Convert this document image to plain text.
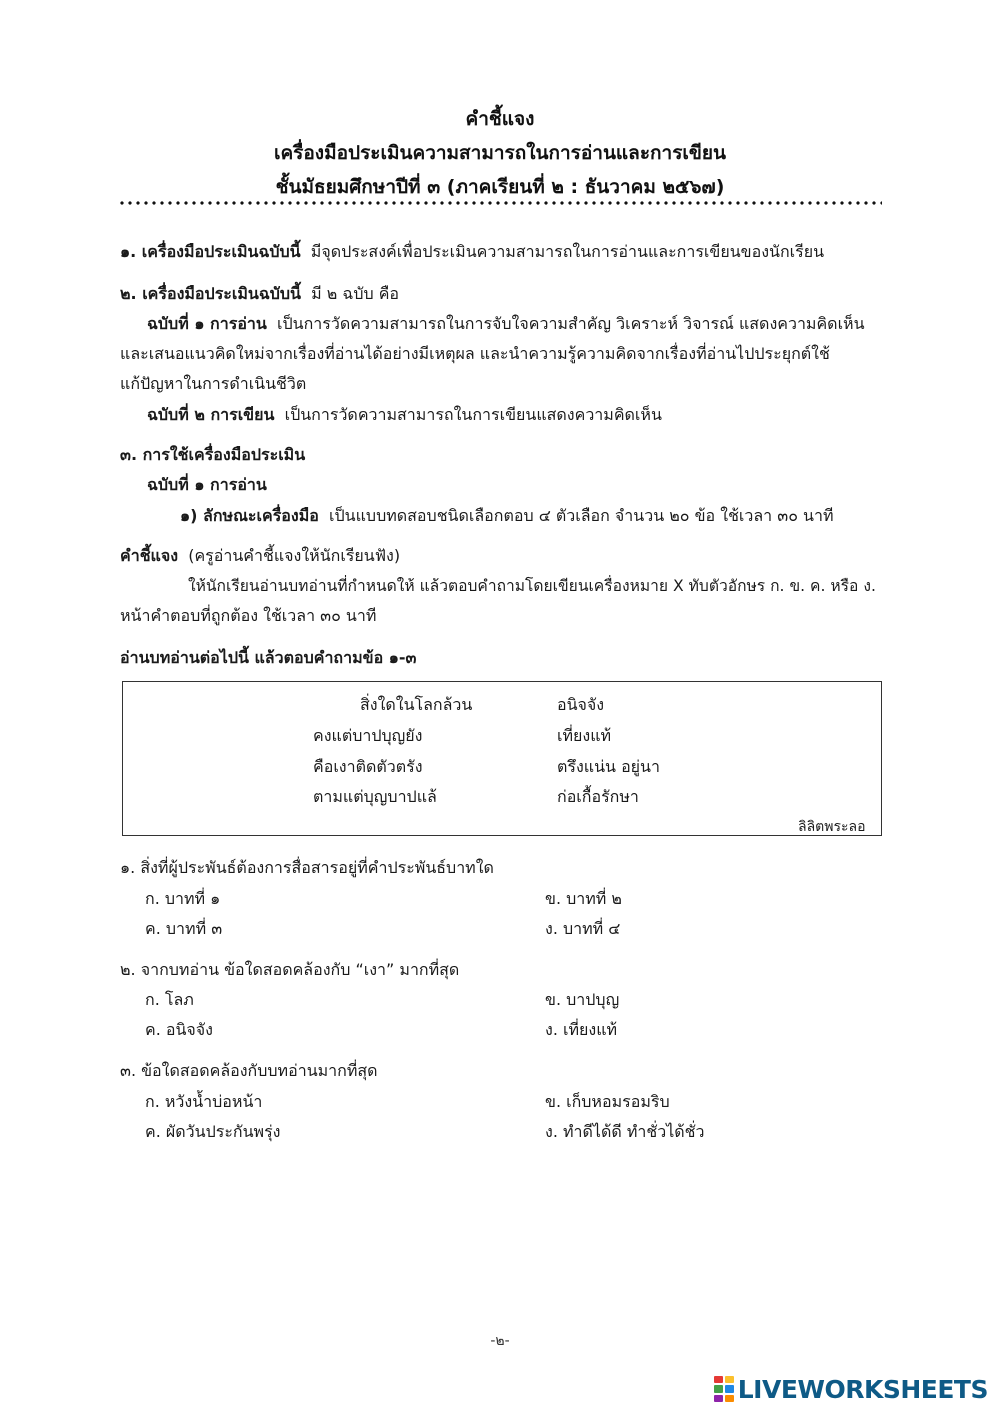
คำชี้แจง
เครื่องมือประเมินความสามารถในการอ่านและการเขียน
ชั้นมัธยมศึกษาปีที่ ๓ (ภาคเรียนที่ ๒ : ธันวาคม ๒๕๖๗)
๑. เครื่องมือประเมินฉบับนี้ มีจุดประสงค์เพื่อประเมินความสามารถในการอ่านและการเขียนของนักเรียน
๒. เครื่องมือประเมินฉบับนี้ มี ๒ ฉบับ คือ
ฉบับที่ ๑ การอ่าน เป็นการวัดความสามารถในการจับใจความสำคัญ วิเคราะห์ วิจารณ์ แสดงความคิดเห็น
และเสนอแนวคิดใหม่จากเรื่องที่อ่านได้อย่างมีเหตุผล และนำความรู้ความคิดจากเรื่องที่อ่านไปประยุกต์ใช้
แก้ปัญหาในการดำเนินชีวิต
ฉบับที่ ๒ การเขียน เป็นการวัดความสามารถในการเขียนแสดงความคิดเห็น
๓. การใช้เครื่องมือประเมิน
ฉบับที่ ๑ การอ่าน
๑) ลักษณะเครื่องมือ เป็นแบบทดสอบชนิดเลือกตอบ ๔ ตัวเลือก จำนวน ๒๐ ข้อ ใช้เวลา ๓๐ นาที
คำชี้แจง (ครูอ่านคำชี้แจงให้นักเรียนฟัง)
ให้นักเรียนอ่านบทอ่านที่กำหนดให้ แล้วตอบคำถามโดยเขียนเครื่องหมาย X ทับตัวอักษร ก. ข. ค. หรือ ง.
หน้าคำตอบที่ถูกต้อง ใช้เวลา ๓๐ นาที
อ่านบทอ่านต่อไปนี้ แล้วตอบคำถามข้อ ๑-๓
สิ่งใดในโลกล้วน	อนิจจัง
คงแต่บาปบุญยัง	เที่ยงแท้
คือเงาติดตัวตรัง	ตรึงแน่น อยู่นา
ตามแต่บุญบาปแล้	ก่อเกื้อรักษา
ลิลิตพระลอ
๑. สิ่งที่ผู้ประพันธ์ต้องการสื่อสารอยู่ที่คำประพันธ์บาทใด
ก. บาทที่ ๑	ข. บาทที่ ๒
ค. บาทที่ ๓	ง. บาทที่ ๔
๒. จากบทอ่าน ข้อใดสอดคล้องกับ “เงา” มากที่สุด
ก. โลภ	ข. บาปบุญ
ค. อนิจจัง	ง. เที่ยงแท้
๓. ข้อใดสอดคล้องกับบทอ่านมากที่สุด
ก. หวังน้ำบ่อหน้า	ข. เก็บหอมรอมริบ
ค. ผัดวันประกันพรุ่ง	ง. ทำดีได้ดี ทำชั่วได้ชั่ว
-๒-
LIVEWORKSHEETS
